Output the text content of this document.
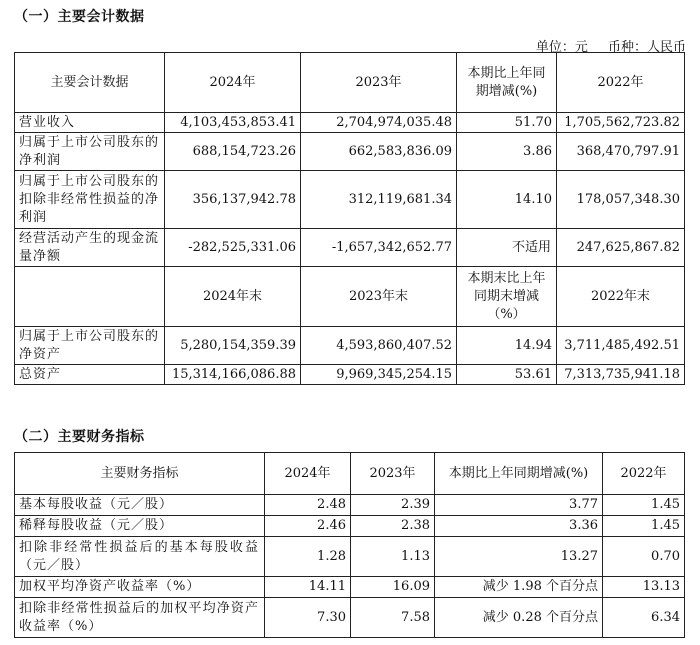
（一）主要会计数据
单位：元 币种：人民币
主要会计数据	2024年	2023年	本期比上年同期增减(%)	2022年
营业收入	4,103,453,853.41	2,704,974,035.48	51.70	1,705,562,723.82
归属于上市公司股东的净利润	688,154,723.26	662,583,836.09	3.86	368,470,797.91
归属于上市公司股东的扣除非经常性损益的净利润	356,137,942.78	312,119,681.34	14.10	178,057,348.30
经营活动产生的现金流量净额	-282,525,331.06	-1,657,342,652.77	不适用	247,625,867.82
	2024年末	2023年末	本期末比上年同期末增减（%）	2022年末
归属于上市公司股东的净资产	5,280,154,359.39	4,593,860,407.52	14.94	3,711,485,492.51
总资产	15,314,166,086.88	9,969,345,254.15	53.61	7,313,735,941.18
（二）主要财务指标
主要财务指标	2024年	2023年	本期比上年同期增减(%)	2022年
基本每股收益（元／股）	2.48	2.39	3.77	1.45
稀释每股收益（元／股）	2.46	2.38	3.36	1.45
扣除非经常性损益后的基本每股收益（元／股）	1.28	1.13	13.27	0.70
加权平均净资产收益率（%）	14.11	16.09	减少 1.98 个百分点	13.13
扣除非经常性损益后的加权平均净资产收益率（%）	7.30	7.58	减少 0.28 个百分点	6.34
